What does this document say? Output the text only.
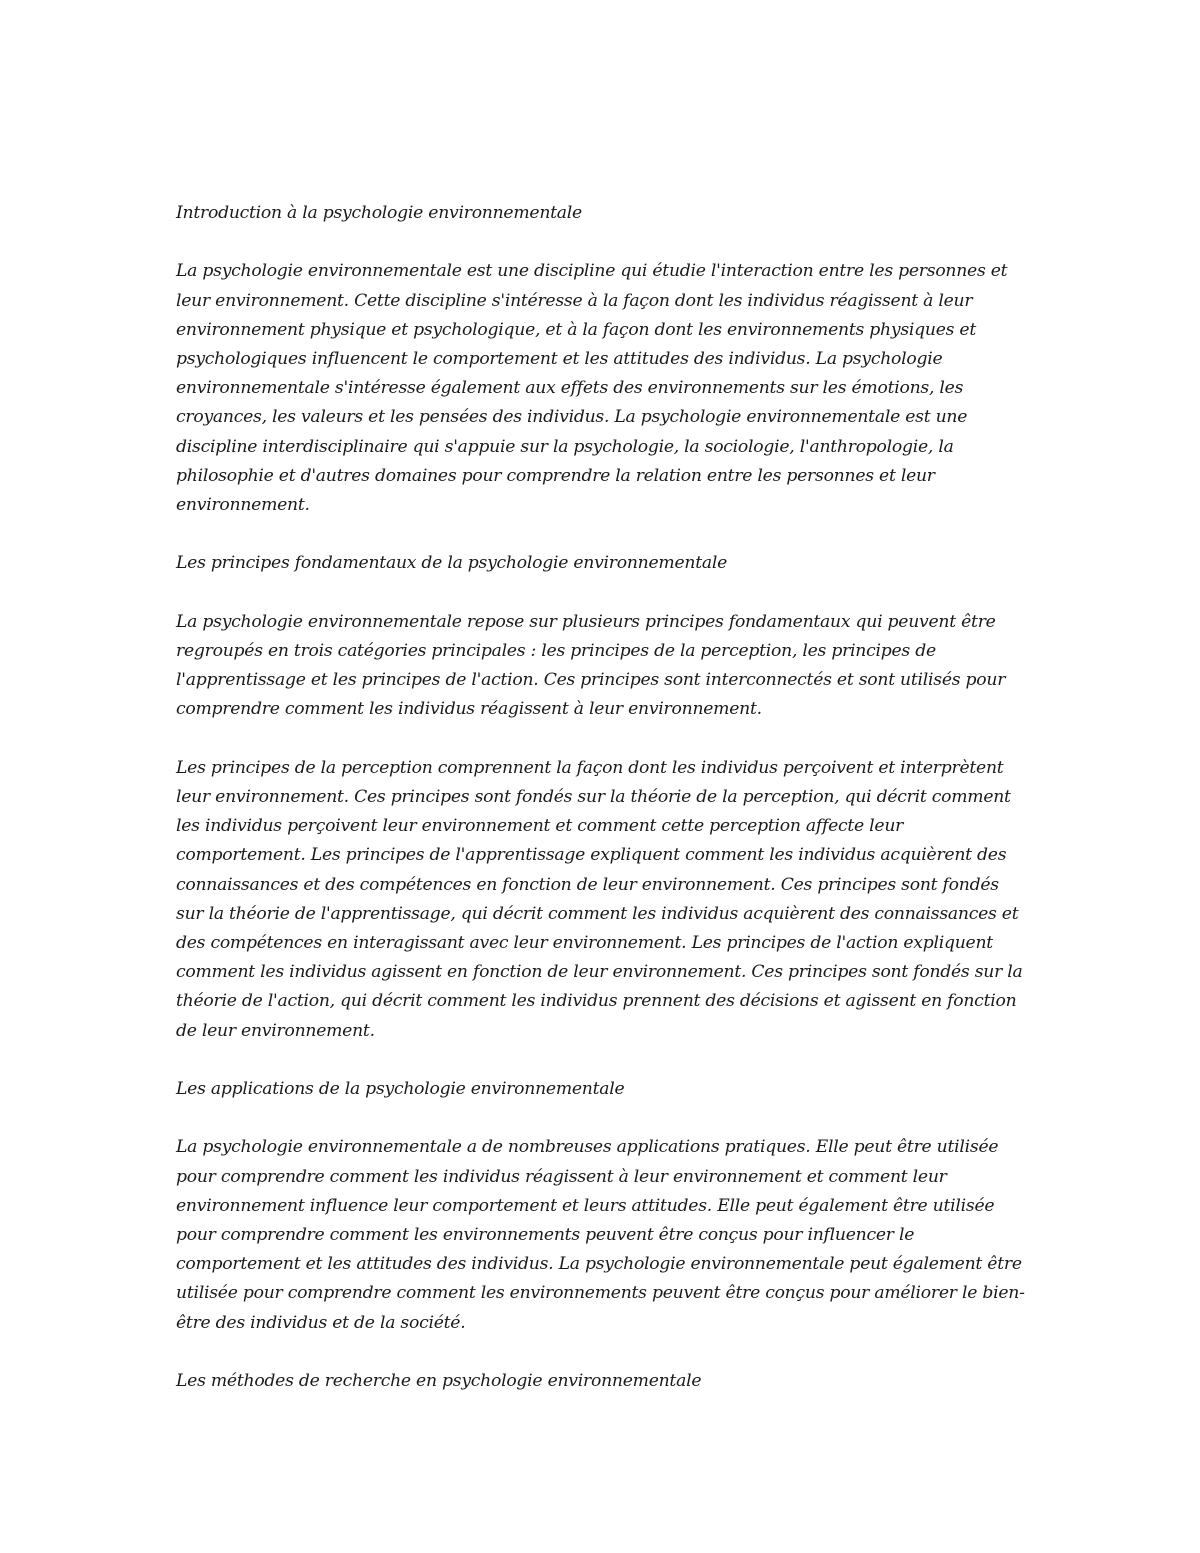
Introduction à la psychologie environnementale

La psychologie environnementale est une discipline qui étudie l'interaction entre les personnes et leur environnement. Cette discipline s'intéresse à la façon dont les individus réagissent à leur environnement physique et psychologique, et à la façon dont les environnements physiques et psychologiques influencent le comportement et les attitudes des individus. La psychologie environnementale s'intéresse également aux effets des environnements sur les émotions, les croyances, les valeurs et les pensées des individus. La psychologie environnementale est une discipline interdisciplinaire qui s'appuie sur la psychologie, la sociologie, l'anthropologie, la philosophie et d'autres domaines pour comprendre la relation entre les personnes et leur environnement.

Les principes fondamentaux de la psychologie environnementale

La psychologie environnementale repose sur plusieurs principes fondamentaux qui peuvent être regroupés en trois catégories principales : les principes de la perception, les principes de l'apprentissage et les principes de l'action. Ces principes sont interconnectés et sont utilisés pour comprendre comment les individus réagissent à leur environnement.

Les principes de la perception comprennent la façon dont les individus perçoivent et interprètent leur environnement. Ces principes sont fondés sur la théorie de la perception, qui décrit comment les individus perçoivent leur environnement et comment cette perception affecte leur comportement. Les principes de l'apprentissage expliquent comment les individus acquièrent des connaissances et des compétences en fonction de leur environnement. Ces principes sont fondés sur la théorie de l'apprentissage, qui décrit comment les individus acquièrent des connaissances et des compétences en interagissant avec leur environnement. Les principes de l'action expliquent comment les individus agissent en fonction de leur environnement. Ces principes sont fondés sur la théorie de l'action, qui décrit comment les individus prennent des décisions et agissent en fonction de leur environnement.

Les applications de la psychologie environnementale

La psychologie environnementale a de nombreuses applications pratiques. Elle peut être utilisée pour comprendre comment les individus réagissent à leur environnement et comment leur environnement influence leur comportement et leurs attitudes. Elle peut également être utilisée pour comprendre comment les environnements peuvent être conçus pour influencer le comportement et les attitudes des individus. La psychologie environnementale peut également être utilisée pour comprendre comment les environnements peuvent être conçus pour améliorer le bien-être des individus et de la société.

Les méthodes de recherche en psychologie environnementale
